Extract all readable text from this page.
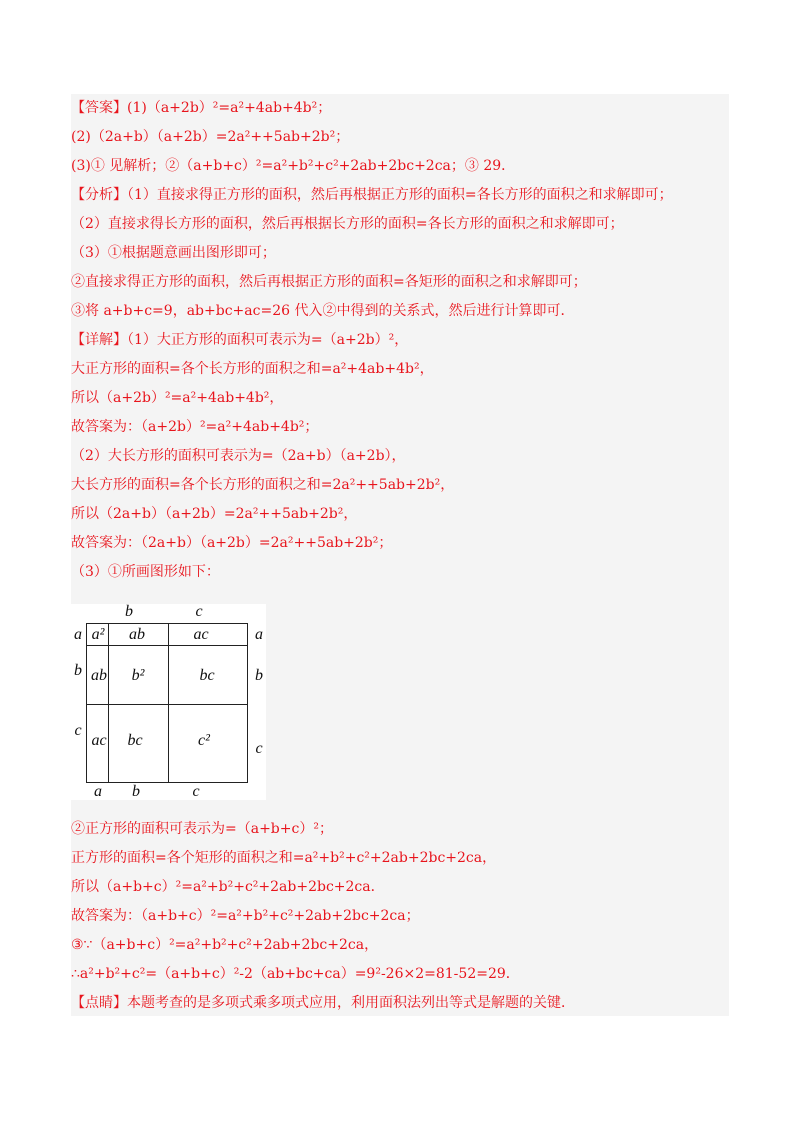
【答案】(1)（a+2b）²=a²+4ab+4b²；
(2)（2a+b）（a+2b）=2a²++5ab+2b²；
(3)① 见解析；②（a+b+c）²=a²+b²+c²+2ab+2bc+2ca；③ 29．
【分析】（1）直接求得正方形的面积，然后再根据正方形的面积=各长方形的面积之和求解即可；
（2）直接求得长方形的面积，然后再根据长方形的面积=各长方形的面积之和求解即可；
（3）①根据题意画出图形即可；
②直接求得正方形的面积，然后再根据正方形的面积=各矩形的面积之和求解即可；
③将 a+b+c=9，ab+bc+ac=26 代入②中得到的关系式，然后进行计算即可．
【详解】（1）大正方形的面积可表示为=（a+2b）²，
大正方形的面积=各个长方形的面积之和=a²+4ab+4b²，
所以（a+2b）²=a²+4ab+4b²，
故答案为：（a+2b）²=a²+4ab+4b²；
（2）大长方形的面积可表示为=（2a+b）（a+2b），
大长方形的面积=各个长方形的面积之和=2a²++5ab+2b²，
所以（2a+b）（a+2b）=2a²++5ab+2b²，
故答案为：（2a+b）（a+2b）=2a²++5ab+2b²；
（3）①所画图形如下：
b	c
a b	c
a
b
c
a
b
c
a² ab	ac
ab b²	bc
ac bc	c²
②正方形的面积可表示为=（a+b+c）²；
正方形的面积=各个矩形的面积之和=a²+b²+c²+2ab+2bc+2ca，
所以（a+b+c）²=a²+b²+c²+2ab+2bc+2ca．
故答案为：（a+b+c）²=a²+b²+c²+2ab+2bc+2ca；
③∵（a+b+c）²=a²+b²+c²+2ab+2bc+2ca，
∴a²+b²+c²=（a+b+c）²-2（ab+bc+ca）=9²-26×2=81-52=29．
【点睛】本题考查的是多项式乘多项式应用，利用面积法列出等式是解题的关键．
